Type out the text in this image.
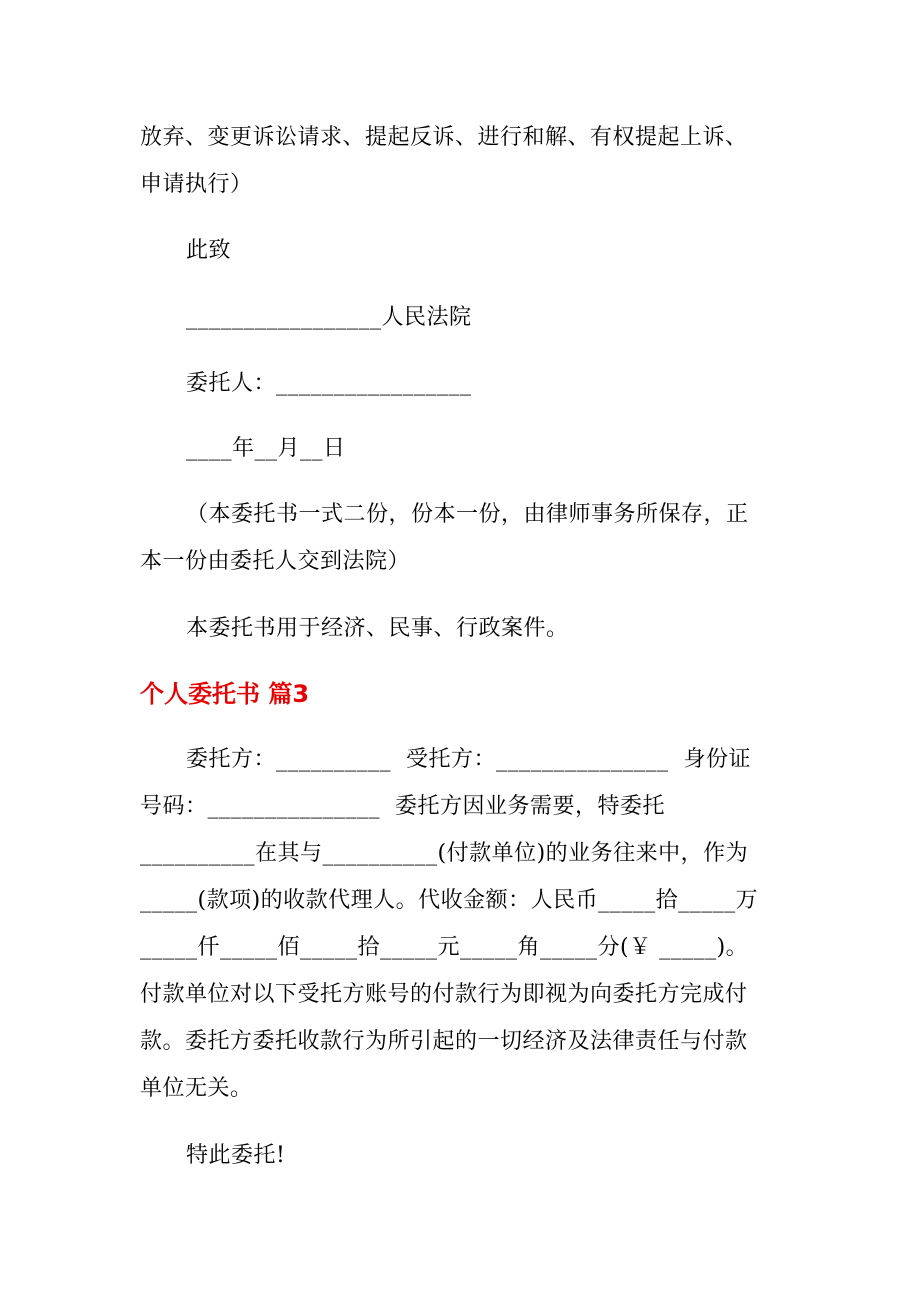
放弃、变更诉讼请求、提起反诉、进行和解、有权提起上诉、
申请执行）
此致
_________________人民法院
委托人：_________________
____年__月__日
（本委托书一式二份，份本一份，由律师事务所保存，正
本一份由委托人交到法院）
本委托书用于经济、民事、行政案件。
个人委托书 篇3
委托方：__________  受托方：_______________  身份证
号码：_______________  委托方因业务需要，特委托
__________在其与__________(付款单位)的业务往来中，作为
_____(款项)的收款代理人。代收金额：人民币_____拾_____万
_____仟_____佰_____拾_____元_____角_____分(￥ _____)。
付款单位对以下受托方账号的付款行为即视为向委托方完成付
款。委托方委托收款行为所引起的一切经济及法律责任与付款
单位无关。
特此委托!
